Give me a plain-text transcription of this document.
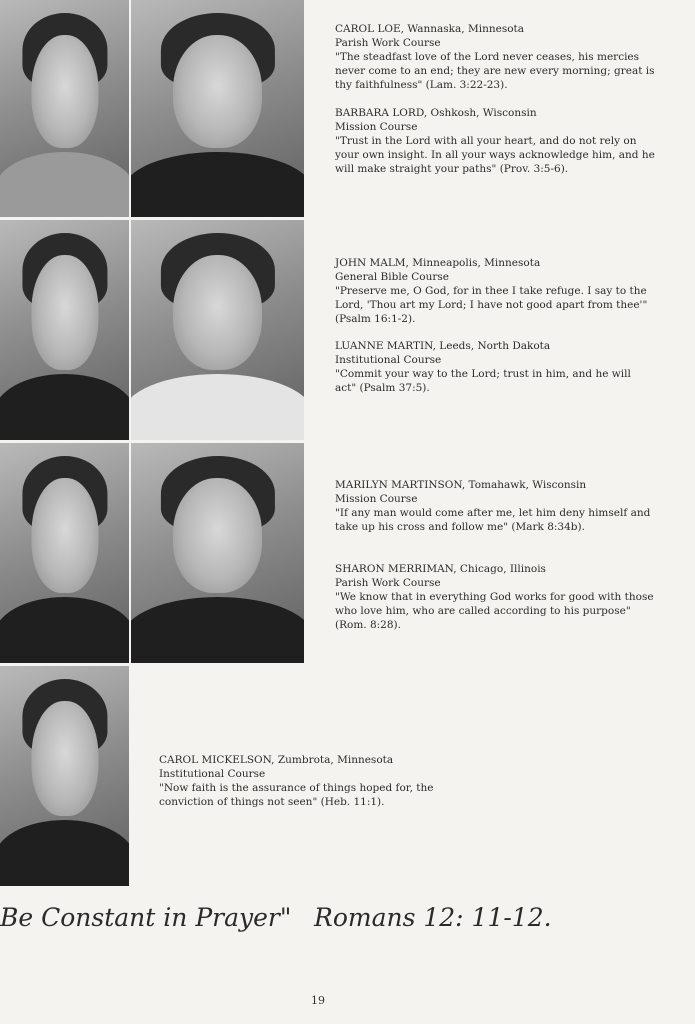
CAROL LOE, Wannaska, Minnesota

Parish Work Course

"The steadfast love of the Lord never ceases, his mercies never come to an end; they are new every morning; great is thy faithfulness" (Lam. 3:22-23).

BARBARA LORD, Oshkosh, Wisconsin

Mission Course

"Trust in the Lord with all your heart, and do not rely on your own insight. In all your ways acknowledge him, and he will make straight your paths" (Prov. 3:5-6).

JOHN MALM, Minneapolis, Minnesota

General Bible Course

"Preserve me, O God, for in thee I take refuge. I say to the Lord, 'Thou art my Lord; I have not good apart from thee'" (Psalm 16:1-2).

LUANNE MARTIN, Leeds, North Dakota

Institutional Course

"Commit your way to the Lord; trust in him, and he will act" (Psalm 37:5).

MARILYN MARTINSON, Tomahawk, Wisconsin

Mission Course

"If any man would come after me, let him deny himself and take up his cross and follow me" (Mark 8:34b).

SHARON MERRIMAN, Chicago, Illinois

Parish Work Course

"We know that in everything God works for good with those who love him, who are called according to his purpose" (Rom. 8:28).

CAROL MICKELSON, Zumbrota, Minnesota

Institutional Course

"Now faith is the assurance of things hoped for, the conviction of things not seen" (Heb. 11:1).

Be Constant in Prayer" Romans 12: 11-12.
19
